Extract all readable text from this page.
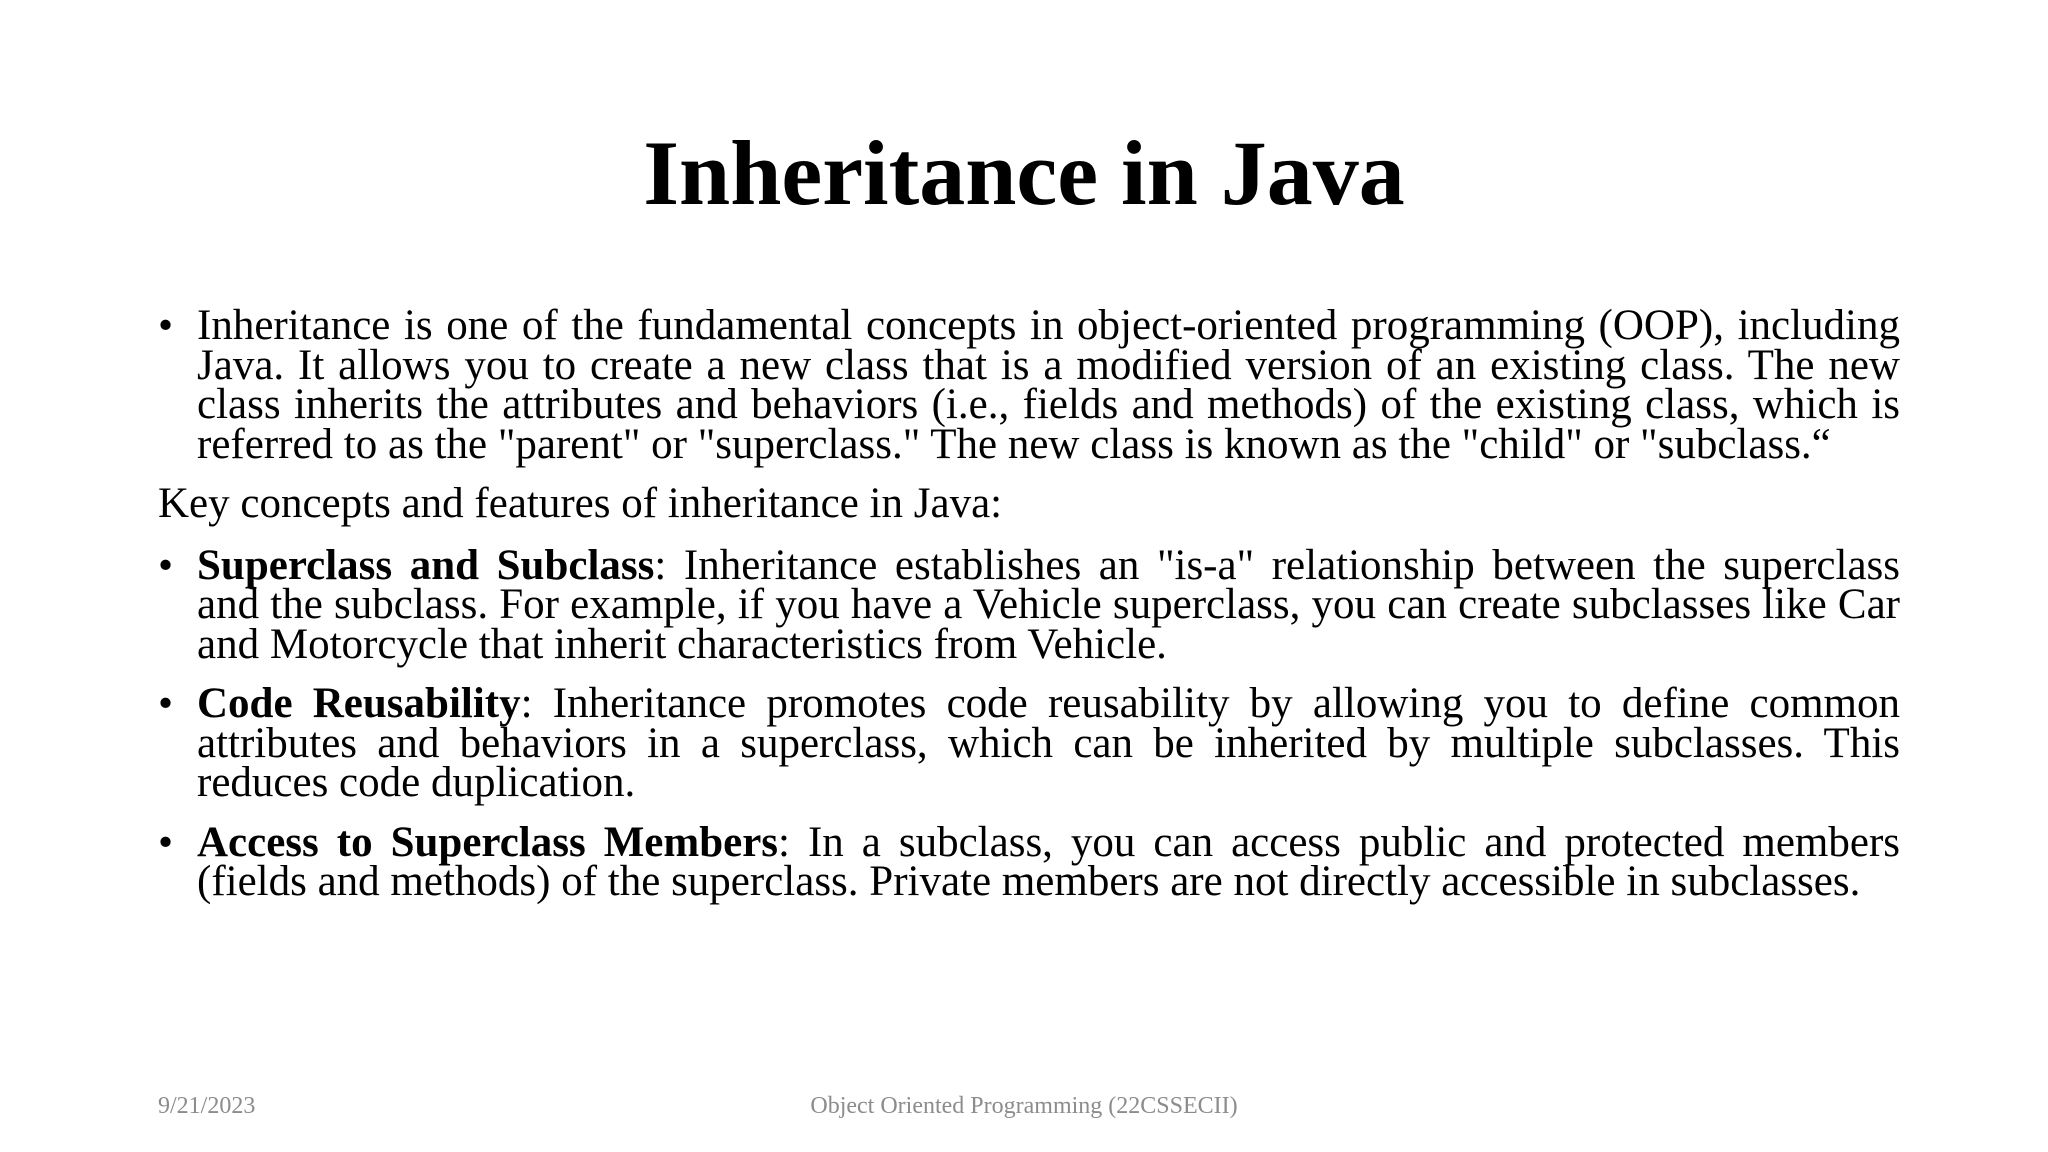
Inheritance in Java

• Inheritance is one of the fundamental concepts in object-oriented programming (OOP), including Java. It allows you to create a new class that is a modified version of an existing class. The new class inherits the attributes and behaviors (i.e., fields and methods) of the existing class, which is referred to as the "parent" or "superclass." The new class is known as the "child" or "subclass.“

Key concepts and features of inheritance in Java:

• Superclass and Subclass: Inheritance establishes an "is-a" relationship between the superclass and the subclass. For example, if you have a Vehicle superclass, you can create subclasses like Car and Motorcycle that inherit characteristics from Vehicle.

• Code Reusability: Inheritance promotes code reusability by allowing you to define common attributes and behaviors in a superclass, which can be inherited by multiple subclasses. This reduces code duplication.

• Access to Superclass Members: In a subclass, you can access public and protected members (fields and methods) of the superclass. Private members are not directly accessible in subclasses.

9/21/2023	Object Oriented Programming (22CSSECII)
